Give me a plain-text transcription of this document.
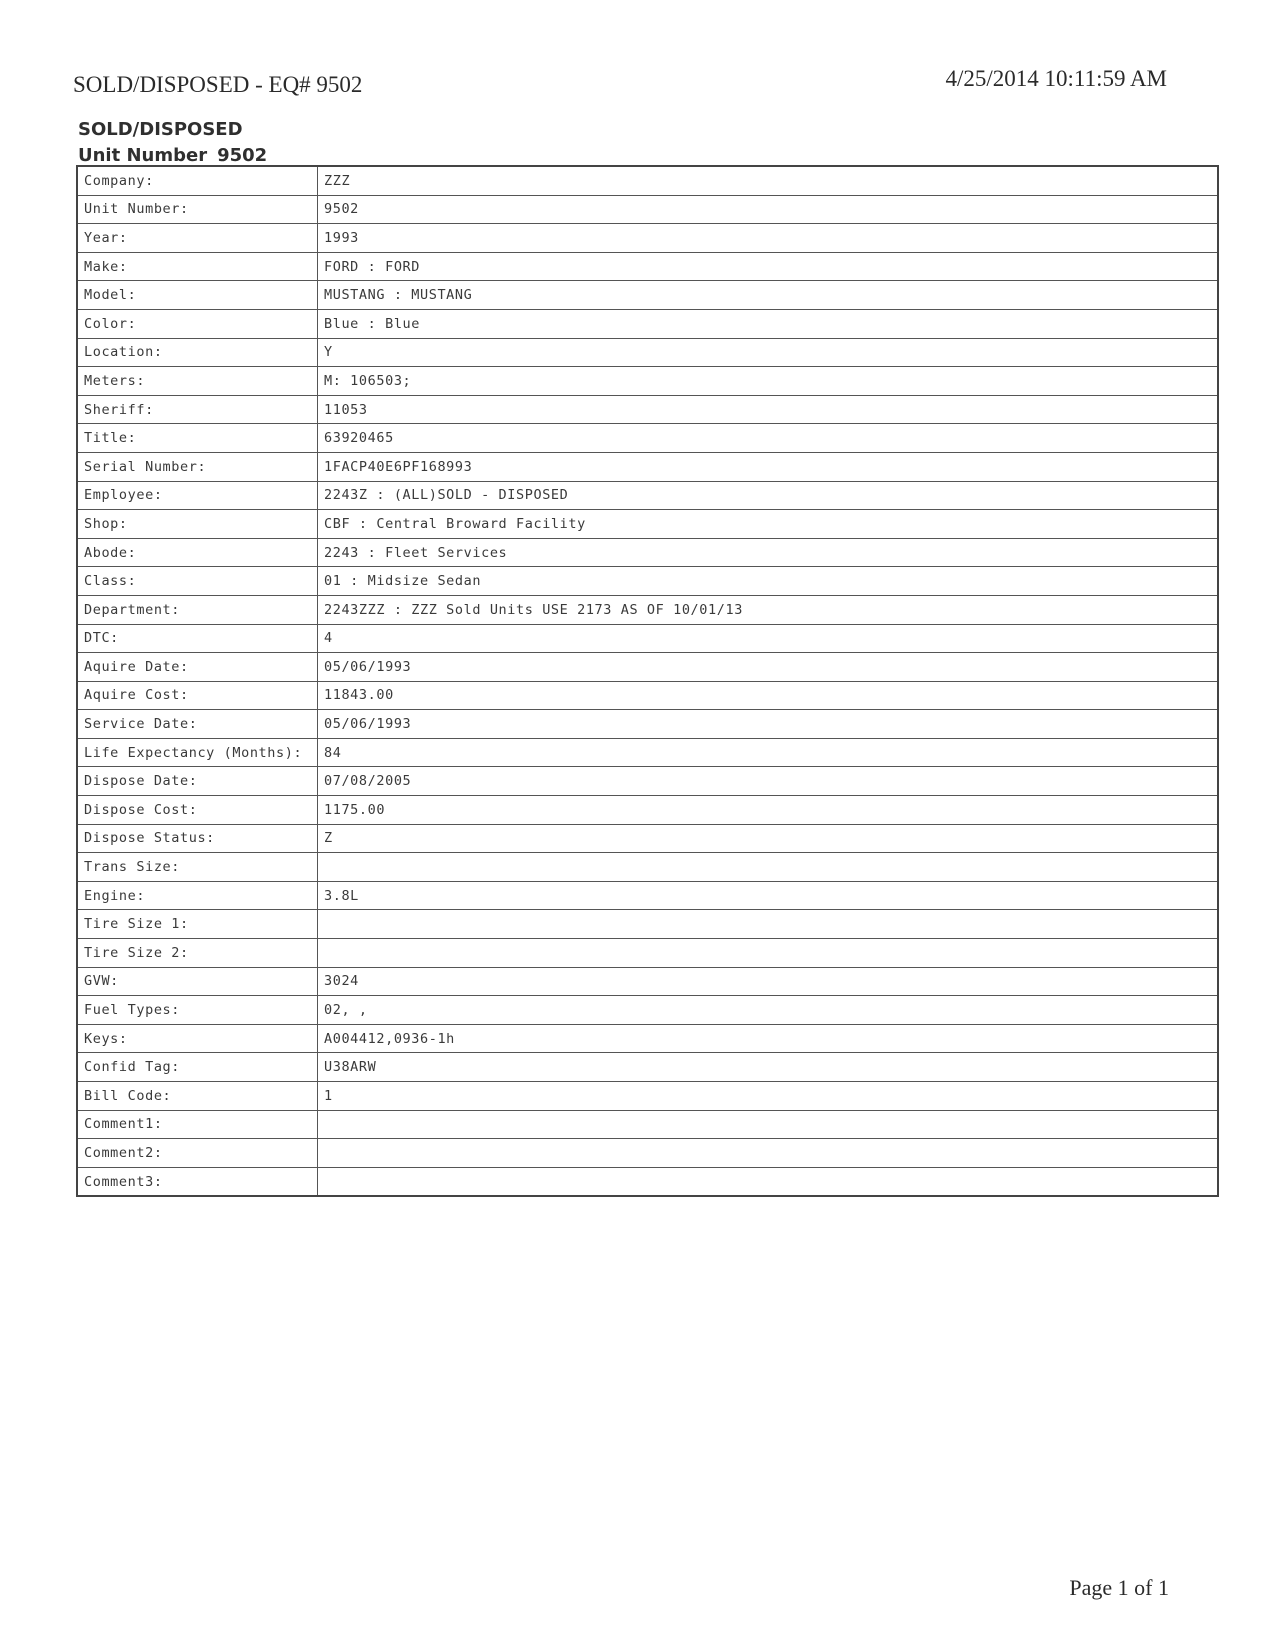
SOLD/DISPOSED - EQ# 9502	4/25/2014 10:11:59 AM
SOLD/DISPOSED
Unit Number 9502
Company:	ZZZ
Unit Number:	9502
Year:	1993
Make:	FORD : FORD
Model:	MUSTANG : MUSTANG
Color:	Blue : Blue
Location:	Y
Meters:	M: 106503;
Sheriff:	11053
Title:	63920465
Serial Number:	1FACP40E6PF168993
Employee:	2243Z : (ALL)SOLD - DISPOSED
Shop:	CBF : Central Broward Facility
Abode:	2243 : Fleet Services
Class:	01 : Midsize Sedan
Department:	2243ZZZ : ZZZ Sold Units USE 2173 AS OF 10/01/13
DTC:	4
Aquire Date:	05/06/1993
Aquire Cost:	11843.00
Service Date:	05/06/1993
Life Expectancy (Months):	84
Dispose Date:	07/08/2005
Dispose Cost:	1175.00
Dispose Status:	Z
Trans Size:	
Engine:	3.8L
Tire Size 1:	
Tire Size 2:	
GVW:	3024
Fuel Types:	02, ,
Keys:	A004412,0936-1h
Confid Tag:	U38ARW
Bill Code:	1
Comment1:	
Comment2:	
Comment3:	
Page 1 of 1
